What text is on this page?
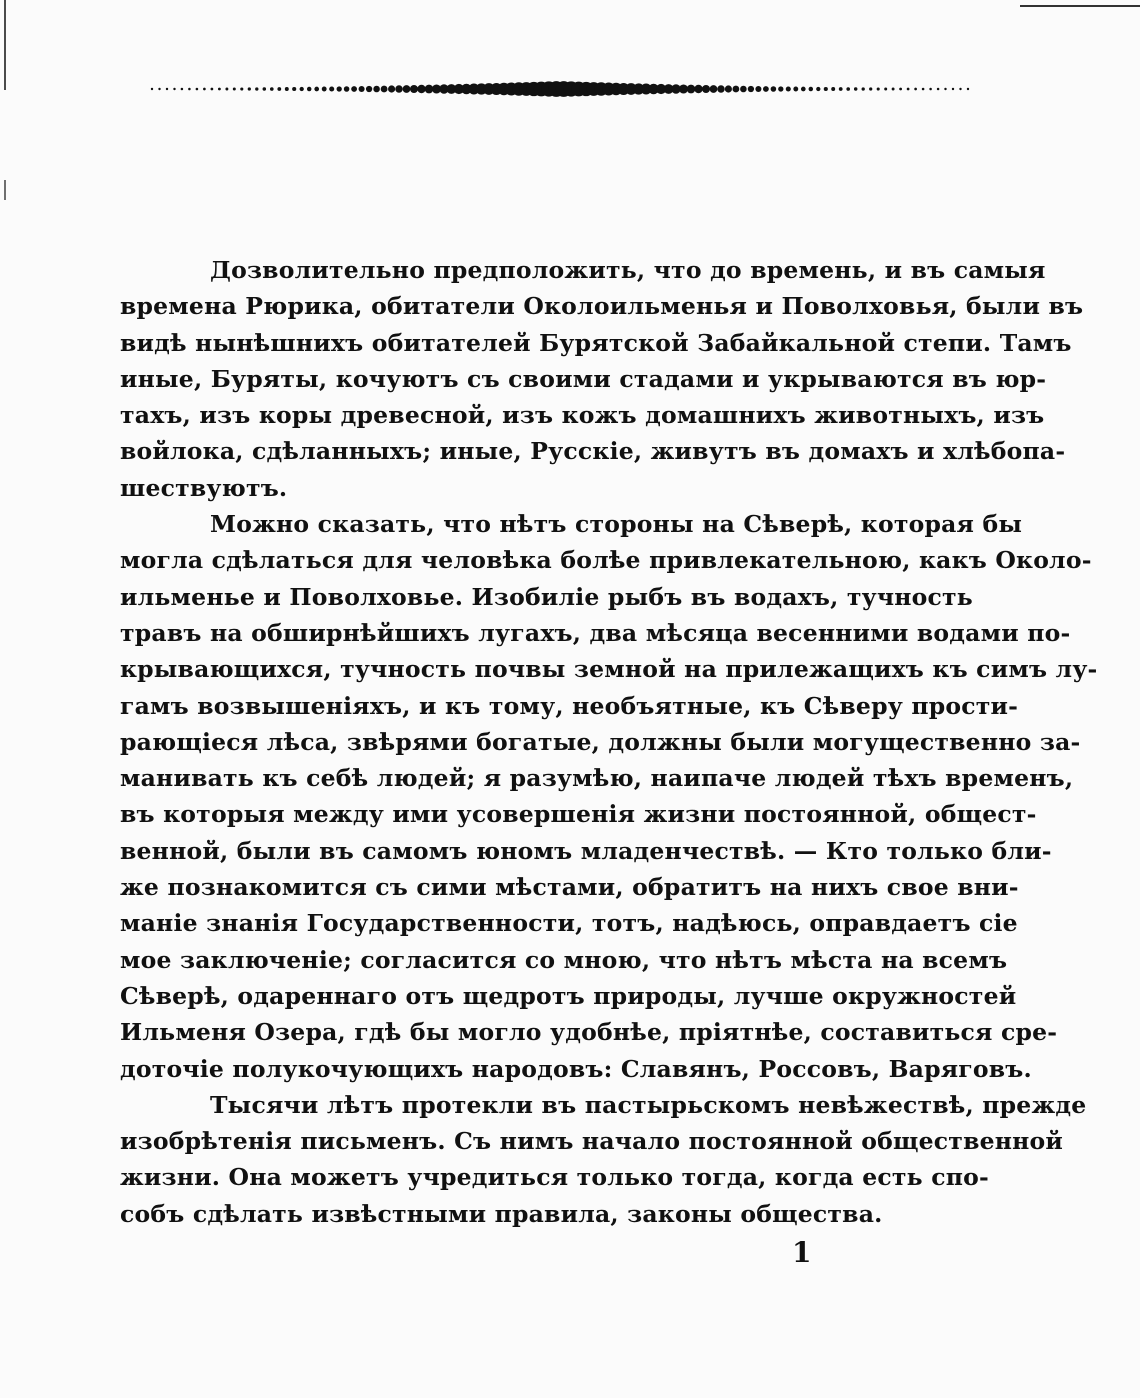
Дозволительно предположить, что до времень, и въ самыя
времена Рюрика, обитатели Околоильменья и Поволховья, были въ
видѣ нынѣшнихъ обитателей Бурятской Забайкальной степи. Тамъ
иные, Буряты, кочуютъ съ своими стадами и укрываются въ юр-
тахъ, изъ коры древесной, изъ кожъ домашнихъ животныхъ, изъ
войлока, сдѣланныхъ; иные, Русскіе, живутъ въ домахъ и хлѣбопа-
шествуютъ.
Можно сказать, что нѣтъ стороны на Сѣверѣ, которая бы
могла сдѣлаться для человѣка болѣе привлекательною, какъ Около-
ильменье и Поволховье. Изобиліе рыбъ въ водахъ, тучность
травъ на обширнѣйшихъ лугахъ, два мѣсяца весенними водами по-
крывающихся, тучность почвы земной на прилежащихъ къ симъ лу-
гамъ возвышеніяхъ, и къ тому, необъятные, къ Сѣверу прости-
рающіеся лѣса, звѣрями богатые, должны были могущественно за-
манивать къ себѣ людей; я разумѣю, наипаче людей тѣхъ временъ,
въ которыя между ими усовершенія жизни постоянной, общест-
венной, были въ самомъ юномъ младенчествѣ. — Кто только бли-
же познакомится съ сими мѣстами, обратитъ на нихъ свое вни-
маніе знанія Государственности, тотъ, надѣюсь, оправдаетъ сіе
мое заключеніе; согласится со мною, что нѣтъ мѣста на всемъ
Сѣверѣ, одареннаго отъ щедротъ природы, лучше окружностей
Ильменя Озера, гдѣ бы могло удобнѣе, пріятнѣе, составиться сре-
доточіе полукочующихъ народовъ: Славянъ, Россовъ, Варяговъ.
Тысячи лѣтъ протекли въ пастырьскомъ невѣжествѣ, прежде
изобрѣтенія письменъ. Съ нимъ начало постоянной общественной
жизни. Она можетъ учредиться только тогда, когда есть спо-
собъ сдѣлать извѣстными правила, законы общества.
1
